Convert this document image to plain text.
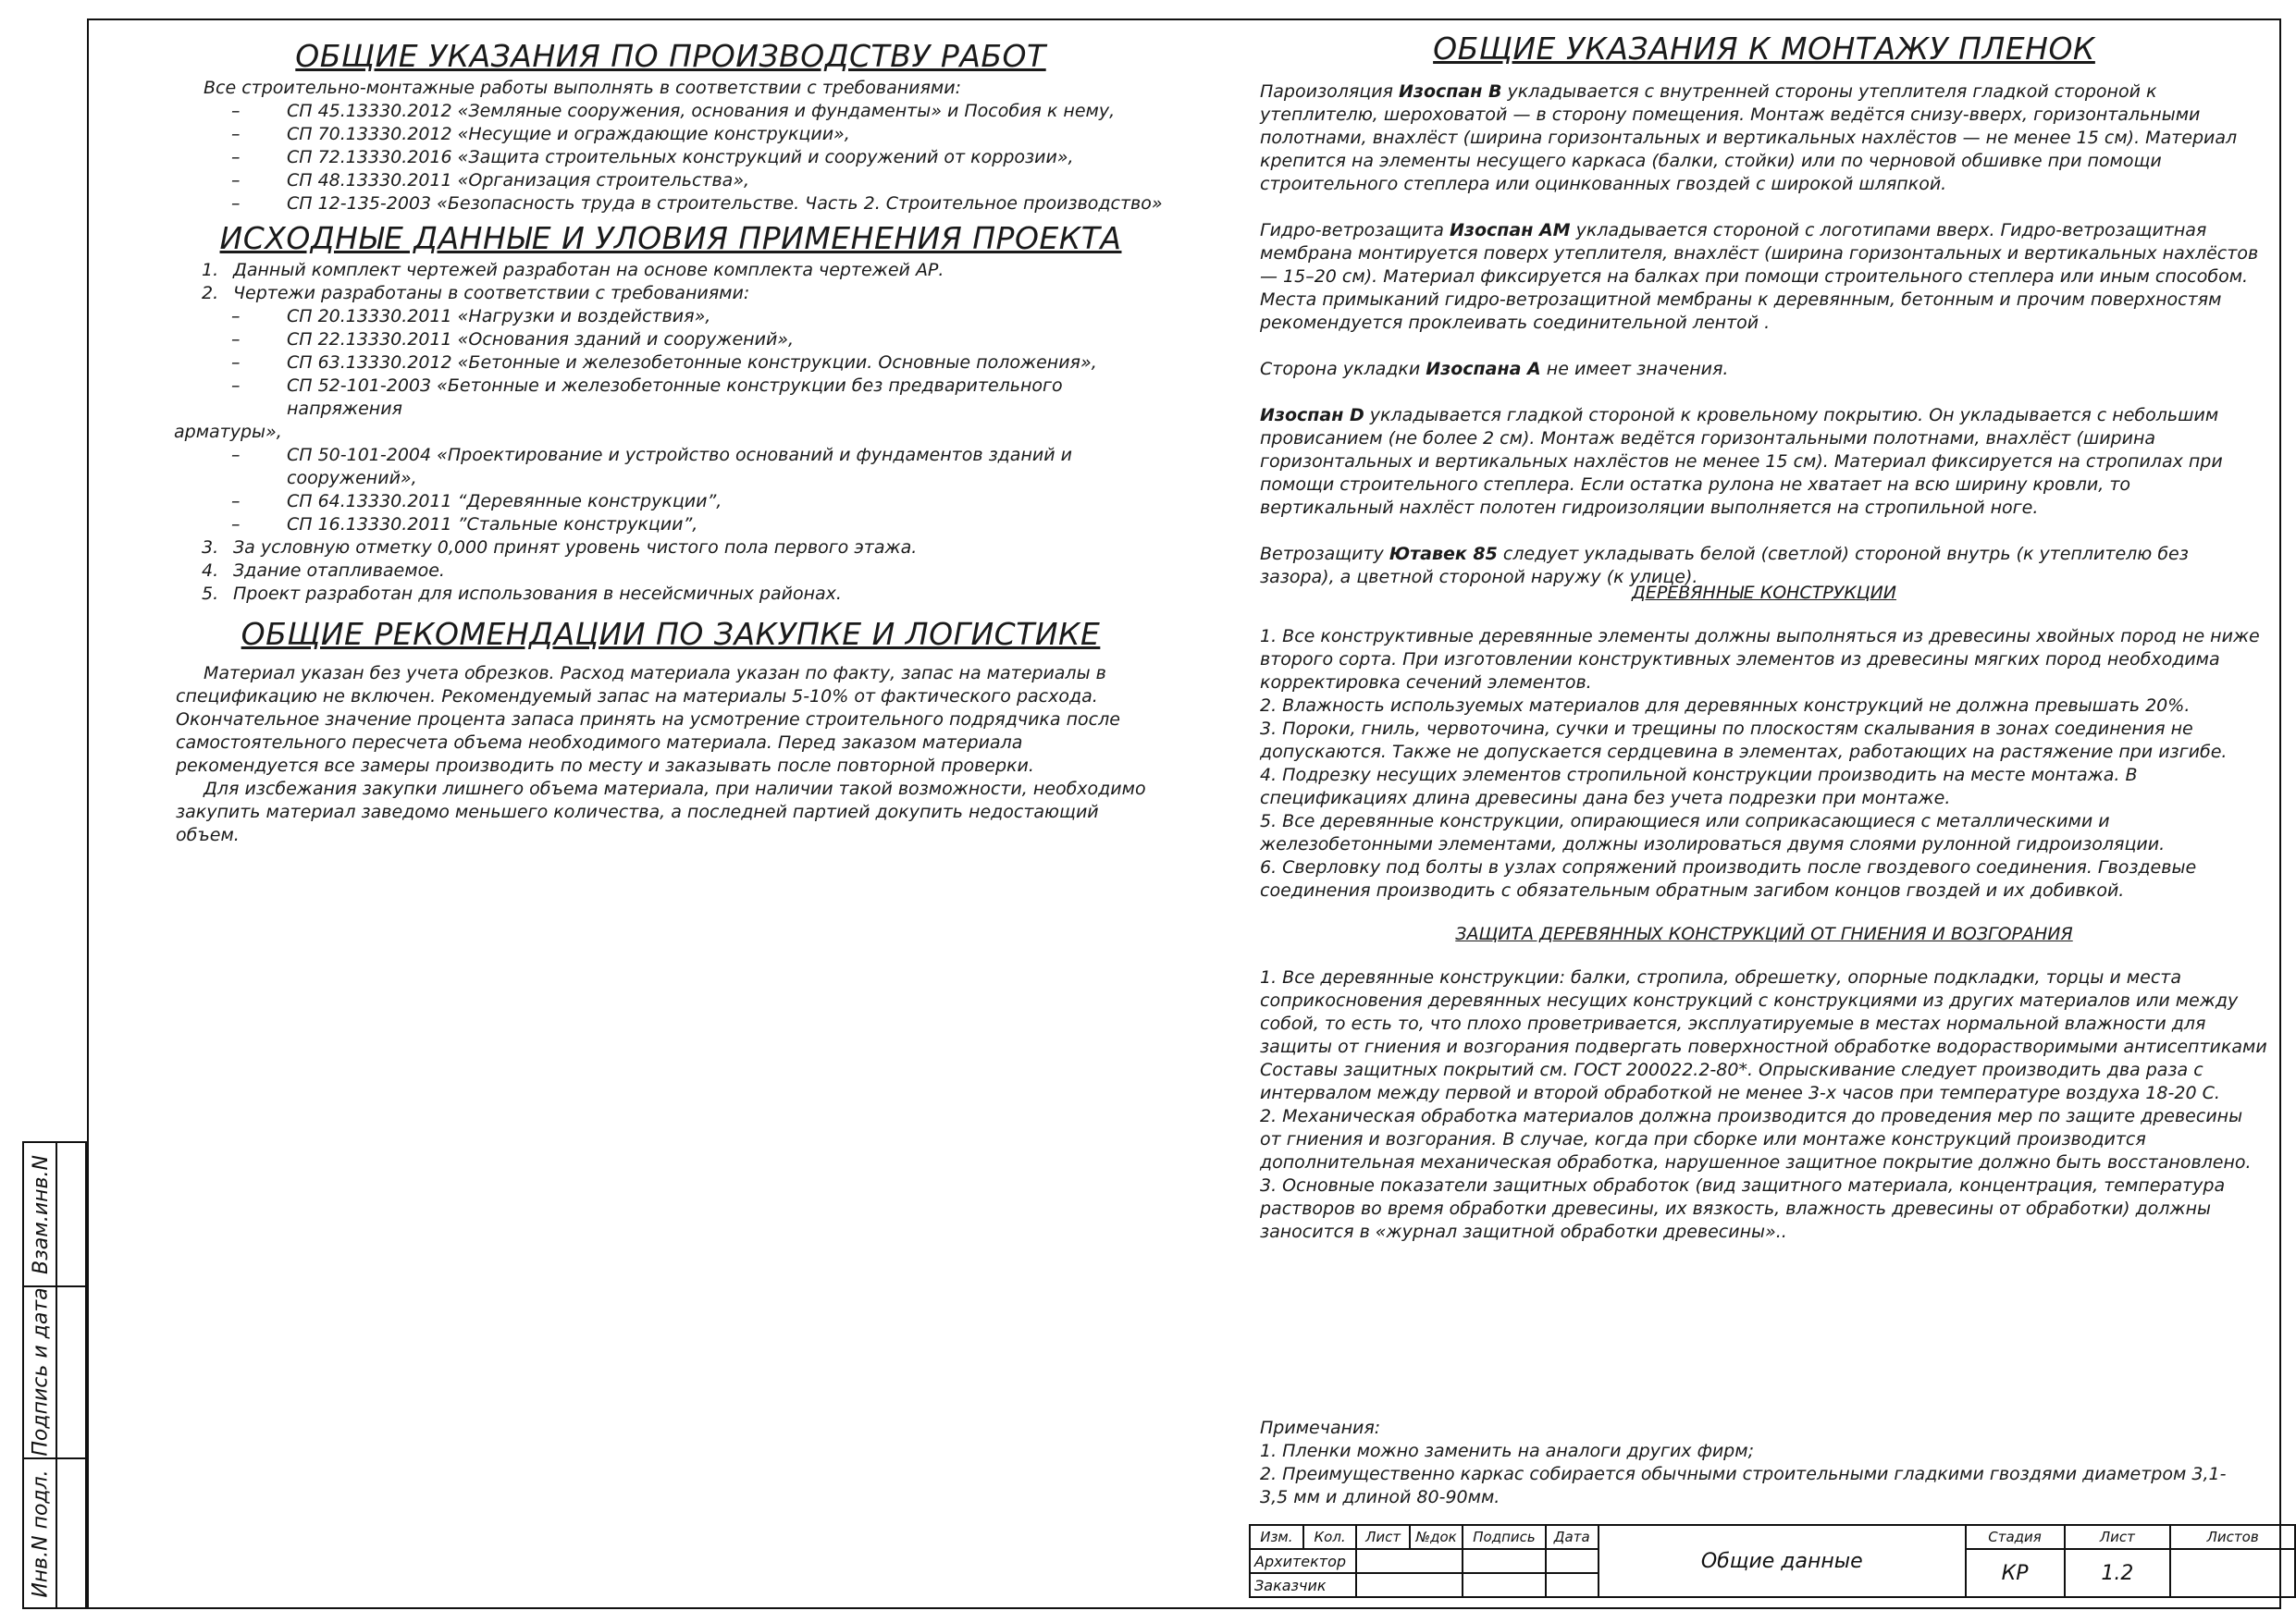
ОБЩИЕ УКАЗАНИЯ ПО ПРОИЗВОДСТВУ РАБОТ

Все строительно-монтажные работы выполнять в соответствии с требованиями:

–	СП 45.13330.2012 «Земляные сооружения, основания и фундаменты» и Пособия к нему,
–	СП 70.13330.2012 «Несущие и ограждающие конструкции»,
–	СП 72.13330.2016 «Защита строительных конструкций и сооружений от коррозии»,
–	СП 48.13330.2011 «Организация строительства»,
–	СП 12-135-2003 «Безопасность труда в строительстве. Часть 2. Строительное производство»
ИСХОДНЫЕ ДАННЫЕ И УЛОВИЯ ПРИМЕНЕНИЯ ПРОЕКТА
1. Данный комплект чертежей разработан на основе комплекта чертежей АР.
2. Чертежи разработаны в соответствии с требованиями:
–	СП 20.13330.2011 «Нагрузки и воздействия»,
–	СП 22.13330.2011 «Основания зданий и сооружений»,
–	СП 63.13330.2012 «Бетонные и железобетонные конструкции. Основные положения»,
–	СП 52-101-2003 «Бетонные и железобетонные конструкции без предварительного напряжения

арматуры»,

–	СП 50-101-2004 «Проектирование и устройство оснований и фундаментов зданий и сооружений»,
–	СП 64.13330.2011 “Деревянные конструкции”,
–	СП 16.13330.2011 ”Стальные конструкции”,
3. За условную отметку 0,000 принят уровень чистого пола первого этажа.
4. Здание отапливаемое.
5. Проект разработан для использования в несейсмичных районах.
ОБЩИЕ РЕКОМЕНДАЦИИ ПО ЗАКУПКЕ И ЛОГИСТИКЕ

Материал указан без учета обрезков. Расход материала указан по факту, запас на материалы в спецификацию не включен. Рекомендуемый запас на материалы 5-10% от фактического расхода. Окончательное значение процента запаса принять на усмотрение строительного подрядчика после самостоятельного пересчета объема необходимого материала. Перед заказом материала рекомендуется все замеры производить по месту и заказывать после повторной проверки.

Для изсбежания закупки лишнего объема материала, при наличии такой возможности, необходимо закупить материал заведомо меньшего количества, а последней партией докупить недостающий объем.

ОБЩИЕ УКАЗАНИЯ К МОНТАЖУ ПЛЕНОК

Пароизоляция Изоспан В укладывается с внутренней стороны утеплителя гладкой стороной к утеплителю, шероховатой — в сторону помещения. Монтаж ведётся снизу-вверх, горизонтальными полотнами, внахлёст (ширина горизонтальных и вертикальных нахлёстов — не менее 15 см). Материал крепится на элементы несущего каркаса (балки, стойки) или по черновой обшивке при помощи строительного степлера или оцинкованных гвоздей с широкой шляпкой.

Гидро-ветрозащита Изоспан АМ укладывается стороной с логотипами вверх. Гидро-ветрозащитная мембрана монтируется поверх утеплителя, внахлёст (ширина горизонтальных и вертикальных нахлёстов — 15–20 см). Материал фиксируется на балках при помощи строительного степлера или иным способом. Места примыканий гидро-ветрозащитной мембраны к деревянным, бетонным и прочим поверхностям рекомендуется проклеивать соединительной лентой .

Сторона укладки Изоспана А не имеет значения.

Изоспан D укладывается гладкой стороной к кровельному покрытию. Он укладывается с небольшим провисанием (не более 2 см). Монтаж ведётся горизонтальными полотнами, внахлёст (ширина горизонтальных и вертикальных нахлёстов не менее 15 см). Материал фиксируется на стропилах при помощи строительного степлера. Если остатка рулона не хватает на всю ширину кровли, то вертикальный нахлёст полотен гидроизоляции выполняется на стропильной ноге.

Ветрозащиту Ютавек 85 следует укладывать белой (светлой) стороной внутрь (к утеплителю без зазора), а цветной стороной наружу (к улице).

ДЕРЕВЯННЫЕ КОНСТРУКЦИИ

1. Все конструктивные деревянные элементы должны выполняться из древесины хвойных пород не ниже второго сорта. При изготовлении конструктивных элементов из древесины мягких пород необходима корректировка сечений элементов.

2. Влажность используемых материалов для деревянных конструкций не должна превышать 20%.

3. Пороки, гниль, червоточина, сучки и трещины по плоскостям скалывания в зонах соединения не допускаются. Также не допускается сердцевина в элементах, работающих на растяжение при изгибе.

4. Подрезку несущих элементов стропильной конструкции производить на месте монтажа. В спецификациях длина древесины дана без учета подрезки при монтаже.

5. Все деревянные конструкции, опирающиеся или соприкасающиеся с металлическими и железобетонными элементами, должны изолироваться двумя слоями рулонной гидроизоляции.

6. Сверловку под болты в узлах сопряжений производить после гвоздевого соединения. Гвоздевые соединения производить с обязательным обратным загибом концов гвоздей и их добивкой.

ЗАЩИТА ДЕРЕВЯННЫХ КОНСТРУКЦИЙ ОТ ГНИЕНИЯ И ВОЗГОРАНИЯ

1. Все деревянные конструкции: балки, стропила, обрешетку, опорные подкладки, торцы и места соприкосновения деревянных несущих конструкций с конструкциями из других материалов или между собой, то есть то, что плохо проветривается, эксплуатируемые в местах нормальной влажности для защиты от гниения и возгорания подвергать поверхностной обработке водорастворимыми антисептиками Составы защитных покрытий см. ГОСТ 200022.2-80*. Опрыскивание следует производить два раза с интервалом между первой и второй обработкой не менее 3-х часов при температуре воздуха 18-20 С.

2. Механическая обработка материалов должна производится до проведения мер по защите древесины от гниения и возгорания. В случае, когда при сборке или монтаже конструкций производится дополнительная механическая обработка, нарушенное защитное покрытие должно быть восстановлено.

3. Основные показатели защитных обработок (вид защитного материала, концентрация, температура растворов во время обработки древесины, их вязкость, влажность древесины от обработки) должны заносится в «журнал защитной обработки древесины»..

Примечания:

1. Пленки можно заменить на аналоги других фирм;

2. Преимущественно каркас собирается обычными строительными гладкими гвоздями диаметром 3,1-3,5 мм и длиной 80-90мм.

Взам.инв.N
Подпись и дата
Инв.N подл.	Изм.	Кол.	Лист	№док	Подпись	Дата	Общие данные	Стадия	Лист	Листов
Архитектор							КР	1.2	
Заказчик									
